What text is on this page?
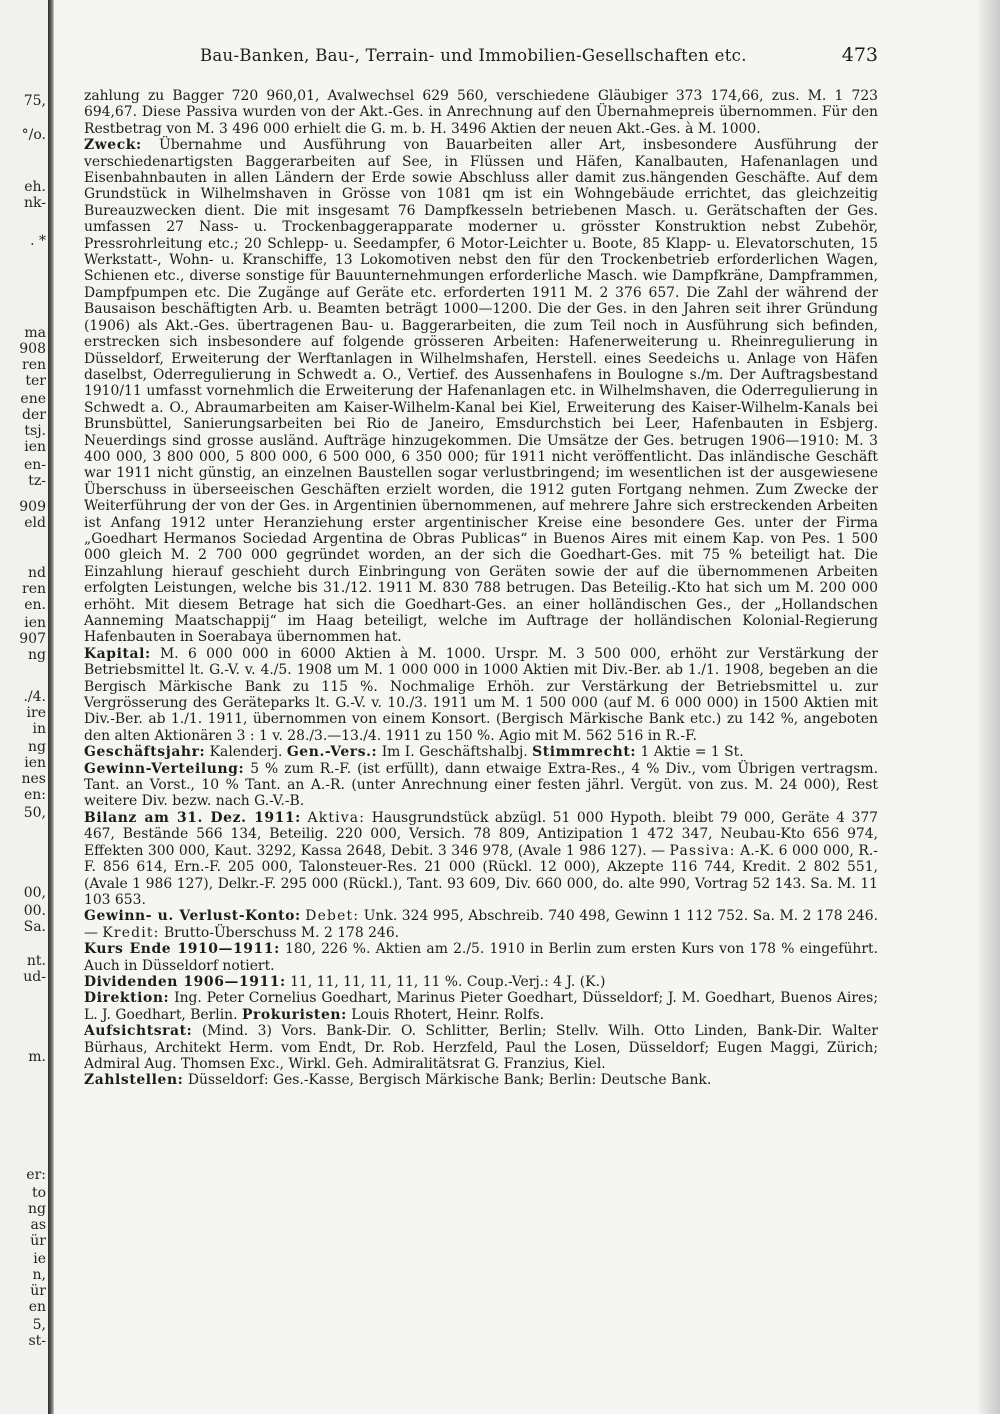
75,
°/o.
eh.
nk-
. *
ma
908
ren
ter
ene
der
tsj.
ien
en-
tz-
909
eld
nd
ren
en.
ien
907
ng
./4.
ire
in
ng
ien
nes
en:
50,
00,
00.
Sa.
nt.
ud-
m.
er:
to
ng
as
ür
ie
n,
ür
en
5,
st-
Bau-Banken, Bau-, Terrain- und Immobilien-Gesellschaften etc.	473

zahlung zu Bagger 720 960,01, Avalwechsel 629 560, verschiedene Gläubiger 373 174,66, zus. M. 1 723 694,67. Diese Passiva wurden von der Akt.-Ges. in Anrechnung auf den Übernahmepreis übernommen. Für den Restbetrag von M. 3 496 000 erhielt die G. m. b. H. 3496 Aktien der neuen Akt.-Ges. à M. 1000.

Zweck: Übernahme und Ausführung von Bauarbeiten aller Art, insbesondere Ausführung der verschiedenartigsten Baggerarbeiten auf See, in Flüssen und Häfen, Kanalbauten, Hafenanlagen und Eisenbahnbauten in allen Ländern der Erde sowie Abschluss aller damit zus.hängenden Geschäfte. Auf dem Grundstück in Wilhelmshaven in Grösse von 1081 qm ist ein Wohngebäude errichtet, das gleichzeitig Bureauzwecken dient. Die mit insgesamt 76 Dampfkesseln betriebenen Masch. u. Gerätschaften der Ges. umfassen 27 Nass- u. Trockenbaggerapparate moderner u. grösster Konstruktion nebst Zubehör, Pressrohrleitung etc.; 20 Schlepp- u. Seedampfer, 6 Motor-Leichter u. Boote, 85 Klapp- u. Elevatorschuten, 15 Werkstatt-, Wohn- u. Kranschiffe, 13 Lokomotiven nebst den für den Trockenbetrieb erforderlichen Wagen, Schienen etc., diverse sonstige für Bauunternehmungen erforderliche Masch. wie Dampfkräne, Dampframmen, Dampfpumpen etc. Die Zugänge auf Geräte etc. erforderten 1911 M. 2 376 657. Die Zahl der während der Bausaison beschäftigten Arb. u. Beamten beträgt 1000—1200. Die der Ges. in den Jahren seit ihrer Gründung (1906) als Akt.-Ges. übertragenen Bau- u. Baggerarbeiten, die zum Teil noch in Ausführung sich befinden, erstrecken sich insbesondere auf folgende grösseren Arbeiten: Hafenerweiterung u. Rheinregulierung in Düsseldorf, Erweiterung der Werftanlagen in Wilhelmshafen, Herstell. eines Seedeichs u. Anlage von Häfen daselbst, Oderregulierung in Schwedt a. O., Vertief. des Aussenhafens in Boulogne s./m. Der Auftragsbestand 1910/11 umfasst vornehmlich die Erweiterung der Hafenanlagen etc. in Wilhelmshaven, die Oderregulierung in Schwedt a. O., Abraumarbeiten am Kaiser-Wilhelm-Kanal bei Kiel, Erweiterung des Kaiser-Wilhelm-Kanals bei Brunsbüttel, Sanierungsarbeiten bei Rio de Janeiro, Emsdurchstich bei Leer, Hafenbauten in Esbjerg. Neuerdings sind grosse ausländ. Aufträge hinzugekommen. Die Umsätze der Ges. betrugen 1906—1910: M. 3 400 000, 3 800 000, 5 800 000, 6 500 000, 6 350 000; für 1911 nicht veröffentlicht. Das inländische Geschäft war 1911 nicht günstig, an einzelnen Baustellen sogar verlustbringend; im wesentlichen ist der ausgewiesene Überschuss in überseeischen Geschäften erzielt worden, die 1912 guten Fortgang nehmen. Zum Zwecke der Weiterführung der von der Ges. in Argentinien übernommenen, auf mehrere Jahre sich erstreckenden Arbeiten ist Anfang 1912 unter Heranziehung erster argentinischer Kreise eine besondere Ges. unter der Firma „Goedhart Hermanos Sociedad Argentina de Obras Publicas“ in Buenos Aires mit einem Kap. von Pes. 1 500 000 gleich M. 2 700 000 gegründet worden, an der sich die Goedhart-Ges. mit 75 % beteiligt hat. Die Einzahlung hierauf geschieht durch Einbringung von Geräten sowie der auf die übernommenen Arbeiten erfolgten Leistungen, welche bis 31./12. 1911 M. 830 788 betrugen. Das Beteilig.-Kto hat sich um M. 200 000 erhöht. Mit diesem Betrage hat sich die Goedhart-Ges. an einer holländischen Ges., der „Hollandschen Aanneming Maatschappij“ im Haag beteiligt, welche im Auftrage der holländischen Kolonial-Regierung Hafenbauten in Soerabaya übernommen hat.

Kapital: M. 6 000 000 in 6000 Aktien à M. 1000. Urspr. M. 3 500 000, erhöht zur Verstärkung der Betriebsmittel lt. G.-V. v. 4./5. 1908 um M. 1 000 000 in 1000 Aktien mit Div.-Ber. ab 1./1. 1908, begeben an die Bergisch Märkische Bank zu 115 %. Nochmalige Erhöh. zur Verstärkung der Betriebsmittel u. zur Vergrösserung des Geräteparks lt. G.-V. v. 10./3. 1911 um M. 1 500 000 (auf M. 6 000 000) in 1500 Aktien mit Div.-Ber. ab 1./1. 1911, übernommen von einem Konsort. (Bergisch Märkische Bank etc.) zu 142 %, angeboten den alten Aktionären 3 : 1 v. 28./3.—13./4. 1911 zu 150 %. Agio mit M. 562 516 in R.-F.

Geschäftsjahr: Kalenderj. Gen.-Vers.: Im I. Geschäftshalbj. Stimmrecht: 1 Aktie = 1 St.

Gewinn-Verteilung: 5 % zum R.-F. (ist erfüllt), dann etwaige Extra-Res., 4 % Div., vom Übrigen vertragsm. Tant. an Vorst., 10 % Tant. an A.-R. (unter Anrechnung einer festen jährl. Vergüt. von zus. M. 24 000), Rest weitere Div. bezw. nach G.-V.-B.

Bilanz am 31. Dez. 1911: Aktiva: Hausgrundstück abzügl. 51 000 Hypoth. bleibt 79 000, Geräte 4 377 467, Bestände 566 134, Beteilig. 220 000, Versich. 78 809, Antizipation 1 472 347, Neubau-Kto 656 974, Effekten 300 000, Kaut. 3292, Kassa 2648, Debit. 3 346 978, (Avale 1 986 127). — Passiva: A.-K. 6 000 000, R.-F. 856 614, Ern.-F. 205 000, Talonsteuer-Res. 21 000 (Rückl. 12 000), Akzepte 116 744, Kredit. 2 802 551, (Avale 1 986 127), Delkr.-F. 295 000 (Rückl.), Tant. 93 609, Div. 660 000, do. alte 990, Vortrag 52 143. Sa. M. 11 103 653.

Gewinn- u. Verlust-Konto: Debet: Unk. 324 995, Abschreib. 740 498, Gewinn 1 112 752. Sa. M. 2 178 246. — Kredit: Brutto-Überschuss M. 2 178 246.

Kurs Ende 1910—1911: 180, 226 %. Aktien am 2./5. 1910 in Berlin zum ersten Kurs von 178 % eingeführt. Auch in Düsseldorf notiert.

Dividenden 1906—1911: 11, 11, 11, 11, 11, 11 %. Coup.-Verj.: 4 J. (K.)

Direktion: Ing. Peter Cornelius Goedhart, Marinus Pieter Goedhart, Düsseldorf; J. M. Goedhart, Buenos Aires; L. J. Goedhart, Berlin. Prokuristen: Louis Rhotert, Heinr. Rolfs.

Aufsichtsrat: (Mind. 3) Vors. Bank-Dir. O. Schlitter, Berlin; Stellv. Wilh. Otto Linden, Bank-Dir. Walter Bürhaus, Architekt Herm. vom Endt, Dr. Rob. Herzfeld, Paul the Losen, Düsseldorf; Eugen Maggi, Zürich; Admiral Aug. Thomsen Exc., Wirkl. Geh. Admiralitätsrat G. Franzius, Kiel.

Zahlstellen: Düsseldorf: Ges.-Kasse, Bergisch Märkische Bank; Berlin: Deutsche Bank.
